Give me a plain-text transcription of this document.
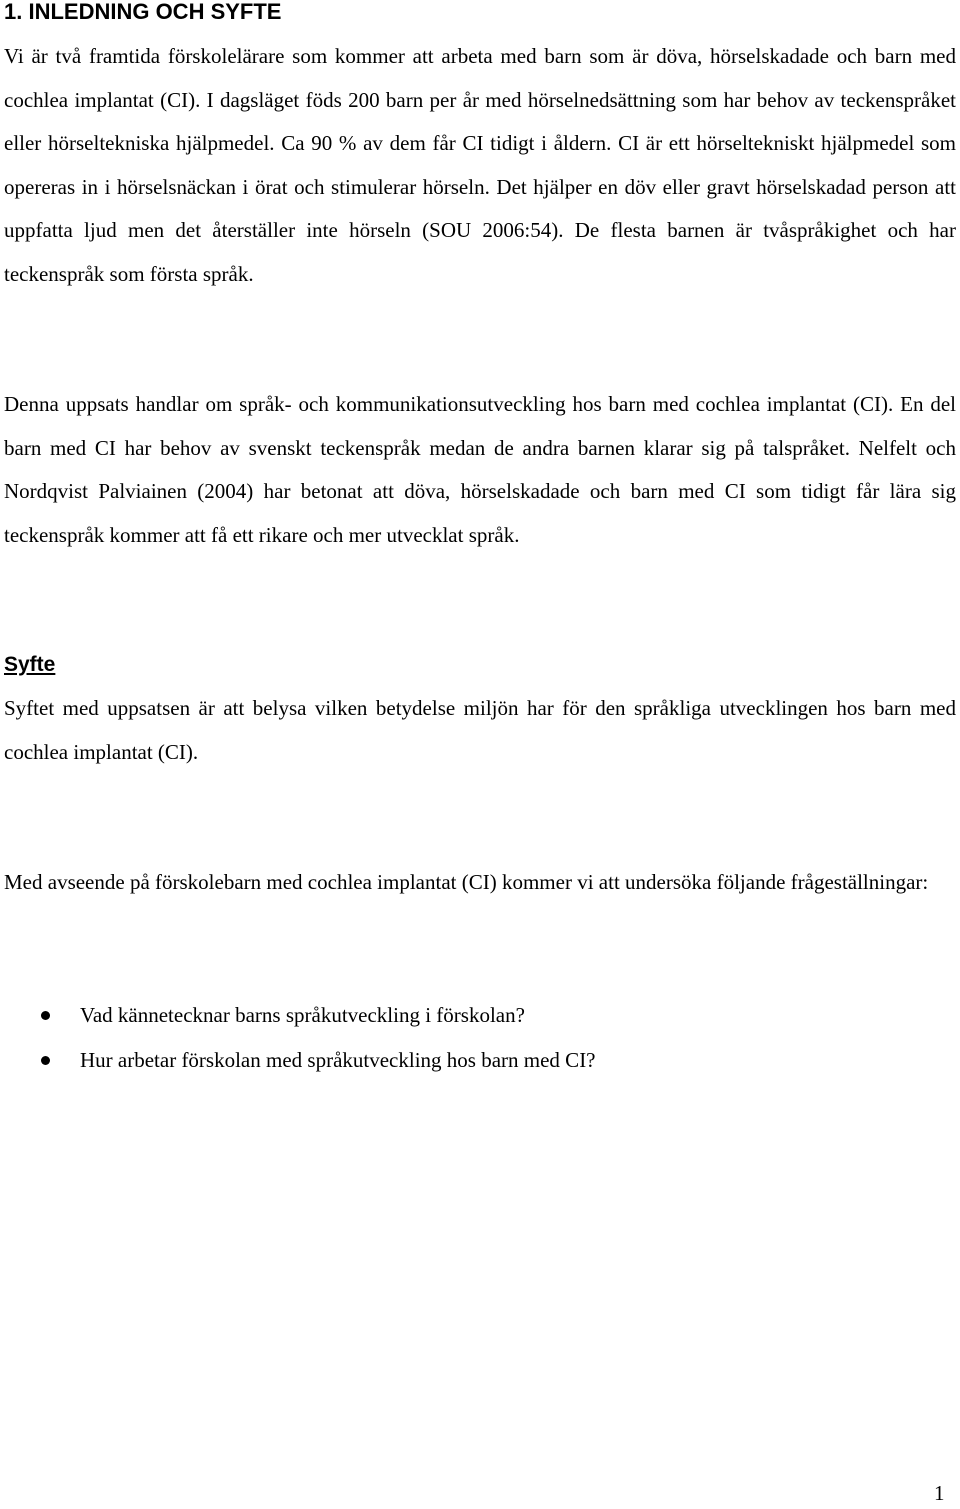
1. INLEDNING OCH SYFTE

Vi är två framtida förskolelärare som kommer att arbeta med barn som är döva, hörselskadade och barn med cochlea implantat (CI). I dagsläget föds 200 barn per år med hörselnedsättning som har behov av teckenspråket eller hörseltekniska hjälpmedel. Ca 90 % av dem får CI tidigt i åldern. CI är ett hörseltekniskt hjälpmedel som opereras in i hörselsnäckan i örat och stimulerar hörseln. Det hjälper en döv eller gravt hörselskadad person att uppfatta ljud men det återställer inte hörseln (SOU 2006:54). De flesta barnen är tvåspråkighet och har teckenspråk som första språk.

Denna uppsats handlar om språk- och kommunikationsutveckling hos barn med cochlea implantat (CI). En del barn med CI har behov av svenskt teckenspråk medan de andra barnen klarar sig på talspråket. Nelfelt och Nordqvist Palviainen (2004) har betonat att döva, hörselskadade och barn med CI som tidigt får lära sig teckenspråk kommer att få ett rikare och mer utvecklat språk.

Syfte

Syftet med uppsatsen är att belysa vilken betydelse miljön har för den språkliga utvecklingen hos barn med cochlea implantat (CI).

Med avseende på förskolebarn med cochlea implantat (CI) kommer vi att undersöka följande frågeställningar:

Vad kännetecknar barns språkutveckling i förskolan?
Hur arbetar förskolan med språkutveckling hos barn med CI?
1
